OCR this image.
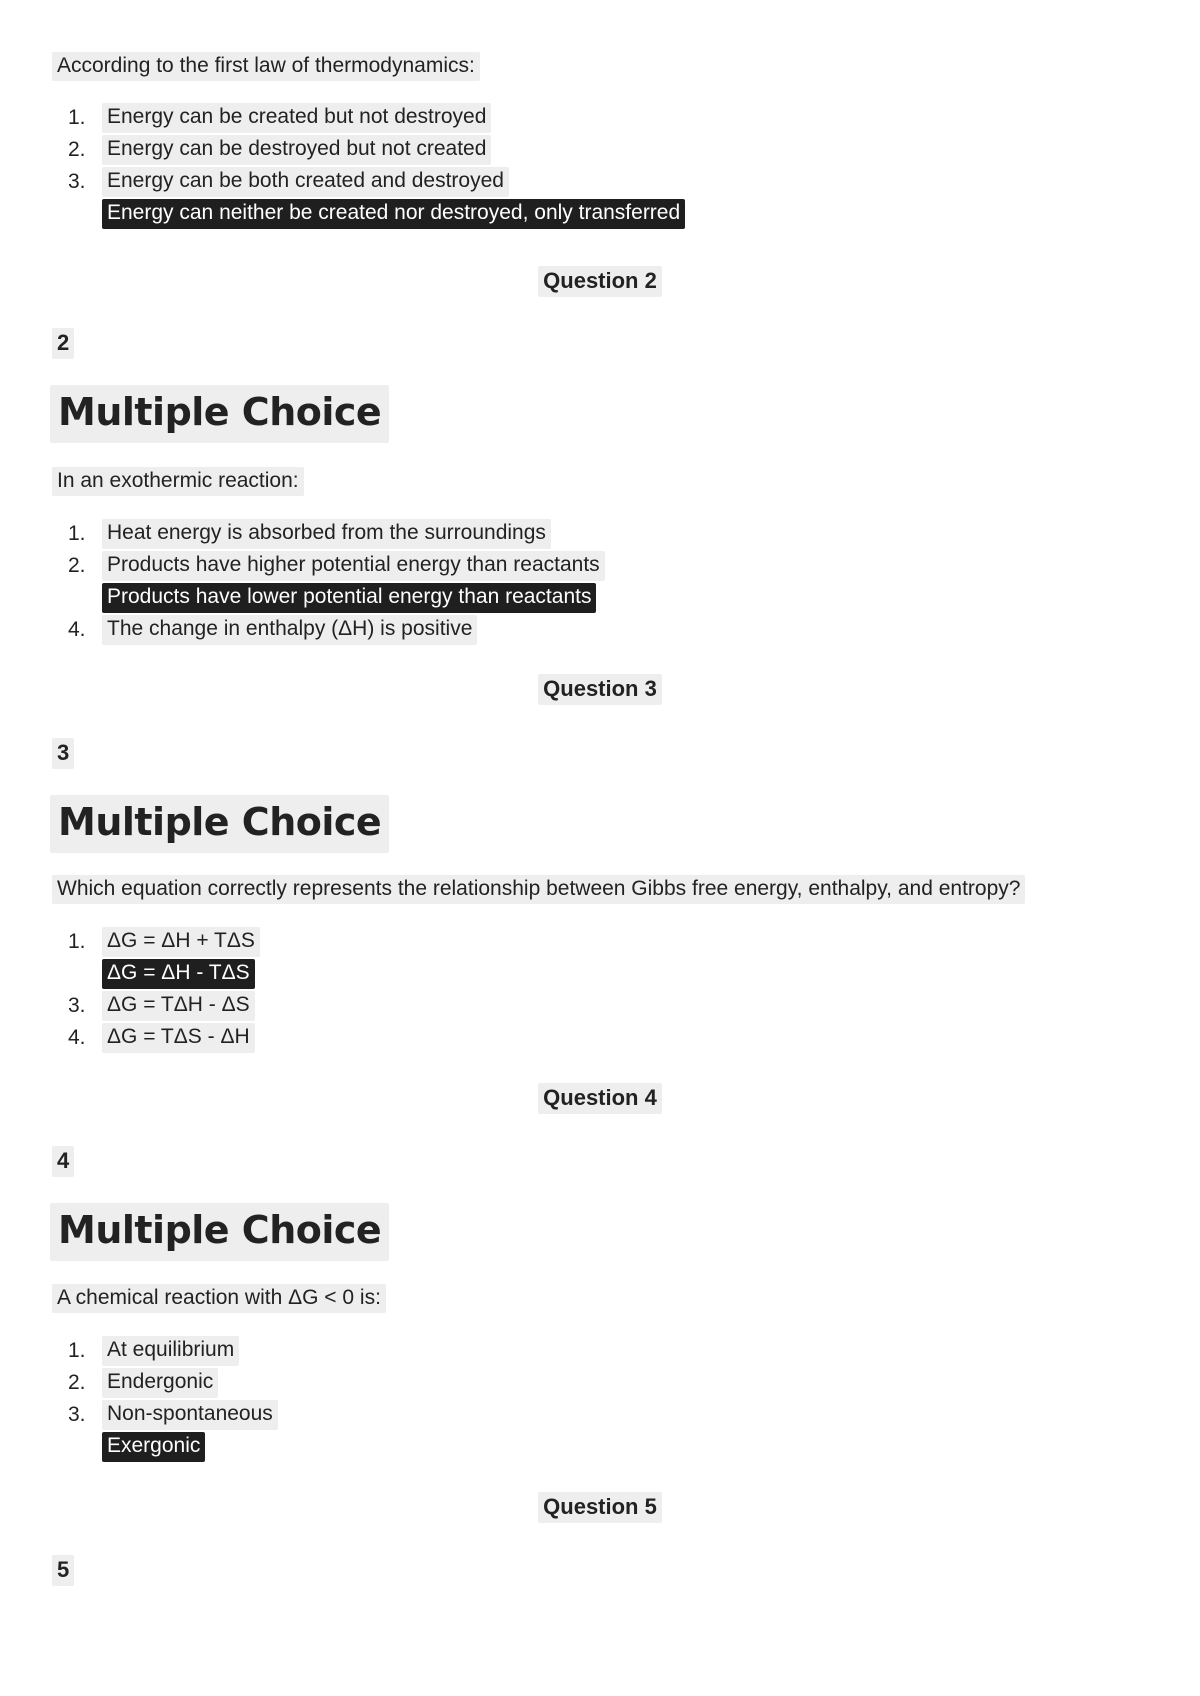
According to the first law of thermodynamics:
1.	Energy can be created but not destroyed
2.	Energy can be destroyed but not created
3.	Energy can be both created and destroyed
Energy can neither be created nor destroyed, only transferred
Question 2
2
Multiple Choice
In an exothermic reaction:
1.	Heat energy is absorbed from the surroundings
2.	Products have higher potential energy than reactants
Products have lower potential energy than reactants
4.	The change in enthalpy (ΔH) is positive
Question 3
3
Multiple Choice
Which equation correctly represents the relationship between Gibbs free energy, enthalpy, and entropy?
1.	ΔG = ΔH + TΔS
ΔG = ΔH - TΔS
3.	ΔG = TΔH - ΔS
4.	ΔG = TΔS - ΔH
Question 4
4
Multiple Choice
A chemical reaction with ΔG < 0 is:
1.	At equilibrium
2.	Endergonic
3.	Non-spontaneous
Exergonic
Question 5
5
